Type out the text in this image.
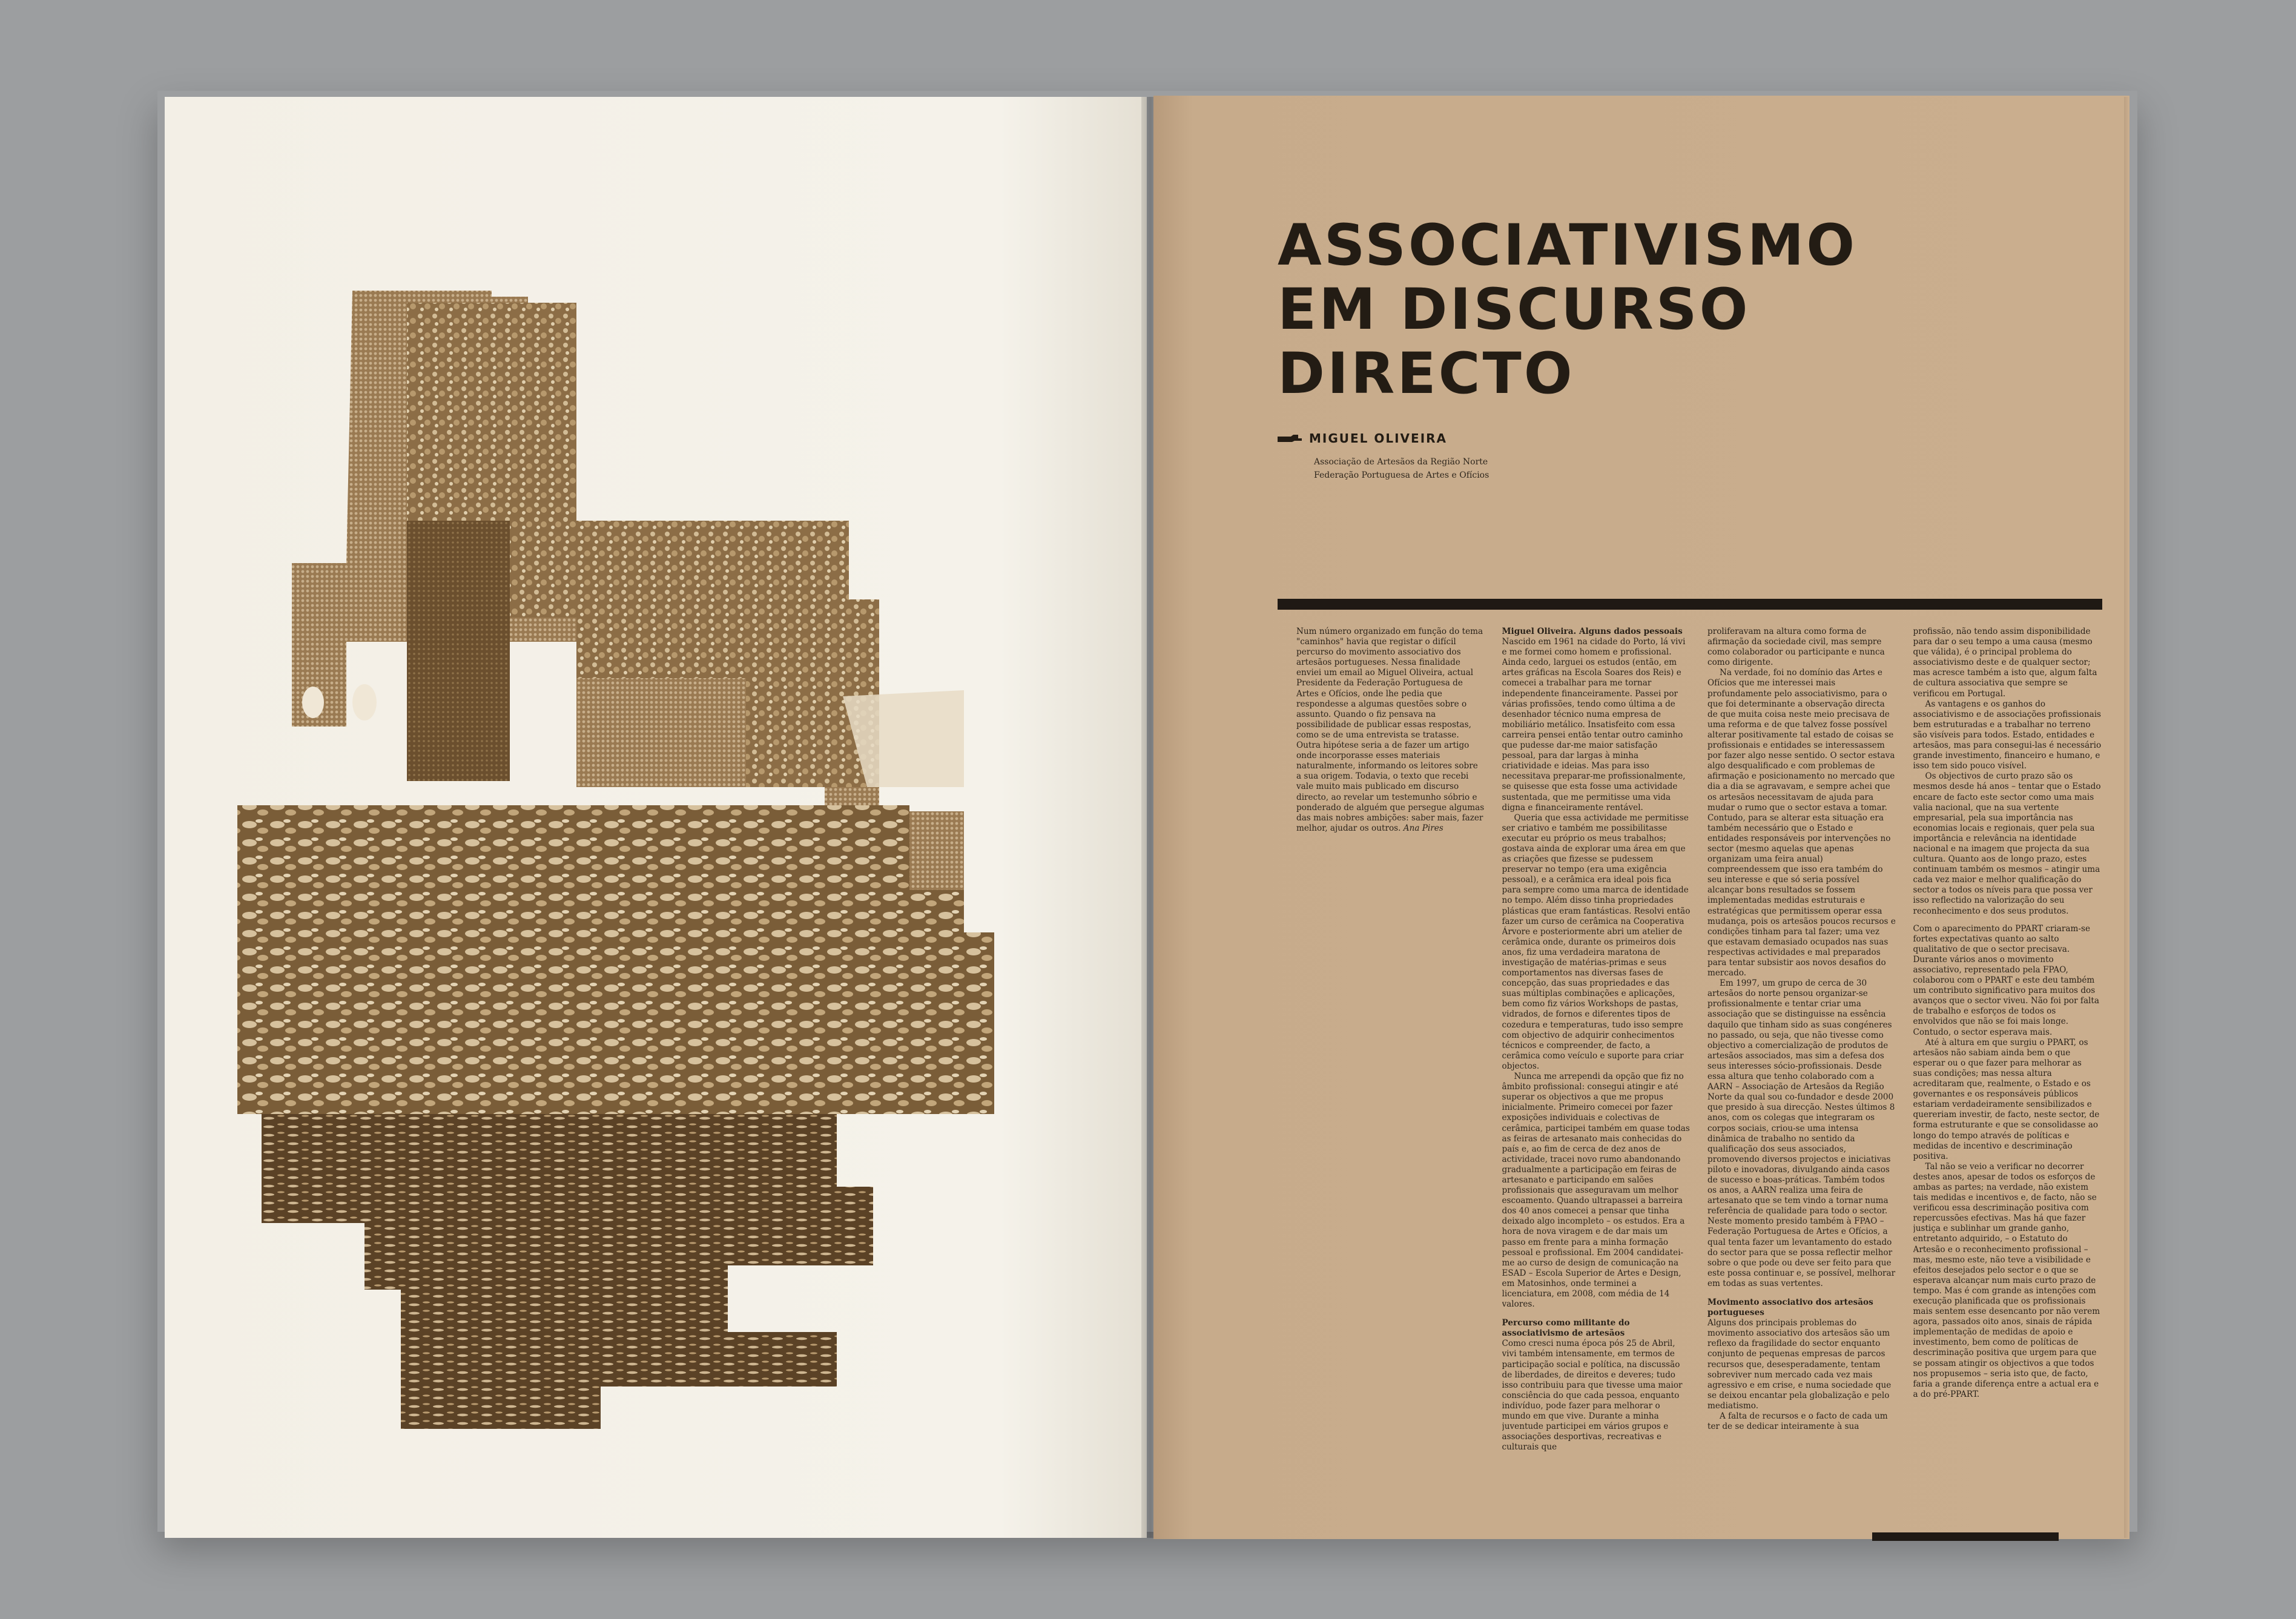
ASSOCIATIVISMO
EM DISCURSO
DIRECTO
MIGUEL OLIVEIRA
Associação de Artesãos da Região Norte
Federação Portuguesa de Artes e Ofícios

Num número organizado em função do tema "caminhos" havia que registar o difícil percurso do movimento associativo dos artesãos portugueses. Nessa finalidade enviei um email ao Miguel Oliveira, actual Presidente da Federação Portuguesa de Artes e Ofícios, onde lhe pedia que respondesse a algumas questões sobre o assunto. Quando o fiz pensava na possibilidade de publicar essas respostas, como se de uma entrevista se tratasse. Outra hipótese seria a de fazer um artigo onde incorporasse esses materiais naturalmente, informando os leitores sobre a sua origem. Todavia, o texto que recebi vale muito mais publicado em discurso directo, ao revelar um testemunho sóbrio e ponderado de alguém que persegue algumas das mais nobres ambições: saber mais, fazer melhor, ajudar os outros. Ana Pires

Miguel Oliveira. Alguns dados pessoais

Nascido em 1961 na cidade do Porto, lá vivi e me formei como homem e profissional. Ainda cedo, larguei os estudos (então, em artes gráficas na Escola Soares dos Reis) e comecei a trabalhar para me tornar independente financeiramente. Passei por várias profissões, tendo como última a de desenhador técnico numa empresa de mobiliário metálico. Insatisfeito com essa carreira pensei então tentar outro caminho que pudesse dar-me maior satisfação pessoal, para dar largas à minha criatividade e ideias. Mas para isso necessitava preparar-me profissionalmente, se quisesse que esta fosse uma actividade sustentada, que me permitisse uma vida digna e financeiramente rentável.

Queria que essa actividade me permitisse ser criativo e também me possibilitasse executar eu próprio os meus trabalhos; gostava ainda de explorar uma área em que as criações que fizesse se pudessem preservar no tempo (era uma exigência pessoal), e a cerâmica era ideal pois fica para sempre como uma marca de identidade no tempo. Além disso tinha propriedades plásticas que eram fantásticas. Resolvi então fazer um curso de cerâmica na Cooperativa Árvore e posteriormente abri um atelier de cerâmica onde, durante os primeiros dois anos, fiz uma verdadeira maratona de investigação de matérias-primas e seus comportamentos nas diversas fases de concepção, das suas propriedades e das suas múltiplas combinações e aplicações, bem como fiz vários Workshops de pastas, vidrados, de fornos e diferentes tipos de cozedura e temperaturas, tudo isso sempre com objectivo de adquirir conhecimentos técnicos e compreender, de facto, a cerâmica como veículo e suporte para criar objectos.

Nunca me arrependi da opção que fiz no âmbito profissional: consegui atingir e até superar os objectivos a que me propus inicialmente. Primeiro comecei por fazer exposições individuais e colectivas de cerâmica, participei também em quase todas as feiras de artesanato mais conhecidas do país e, ao fim de cerca de dez anos de actividade, tracei novo rumo abandonando gradualmente a participação em feiras de artesanato e participando em salões profissionais que asseguravam um melhor escoamento. Quando ultrapassei a barreira dos 40 anos comecei a pensar que tinha deixado algo incompleto – os estudos. Era a hora de nova viragem e de dar mais um passo em frente para a minha formação pessoal e profissional. Em 2004 candidatei-me ao curso de design de comunicação na ESAD – Escola Superior de Artes e Design, em Matosinhos, onde terminei a licenciatura, em 2008, com média de 14 valores.

Percurso como militante do associativismo de artesãos

Como cresci numa época pós 25 de Abril, vivi também intensamente, em termos de participação social e política, na discussão de liberdades, de direitos e deveres; tudo isso contribuiu para que tivesse uma maior consciência do que cada pessoa, enquanto indivíduo, pode fazer para melhorar o mundo em que vive. Durante a minha juventude participei em vários grupos e associações desportivas, recreativas e culturais que

proliferavam na altura como forma de afirmação da sociedade civil, mas sempre como colaborador ou participante e nunca como dirigente.

Na verdade, foi no domínio das Artes e Ofícios que me interessei mais profundamente pelo associativismo, para o que foi determinante a observação directa de que muita coisa neste meio precisava de uma reforma e de que talvez fosse possível alterar positivamente tal estado de coisas se profissionais e entidades se interessassem por fazer algo nesse sentido. O sector estava algo desqualificado e com problemas de afirmação e posicionamento no mercado que dia a dia se agravavam, e sempre achei que os artesãos necessitavam de ajuda para mudar o rumo que o sector estava a tomar. Contudo, para se alterar esta situação era também necessário que o Estado e entidades responsáveis por intervenções no sector (mesmo aquelas que apenas organizam uma feira anual) compreendessem que isso era também do seu interesse e que só seria possível alcançar bons resultados se fossem implementadas medidas estruturais e estratégicas que permitissem operar essa mudança, pois os artesãos poucos recursos e condições tinham para tal fazer; uma vez que estavam demasiado ocupados nas suas respectivas actividades e mal preparados para tentar subsistir aos novos desafios do mercado.

Em 1997, um grupo de cerca de 30 artesãos do norte pensou organizar-se profissionalmente e tentar criar uma associação que se distinguisse na essência daquilo que tinham sido as suas congéneres no passado, ou seja, que não tivesse como objectivo a comercialização de produtos de artesãos associados, mas sim a defesa dos seus interesses sócio-profissionais. Desde essa altura que tenho colaborado com a AARN – Associação de Artesãos da Região Norte da qual sou co-fundador e desde 2000 que presido à sua direcção. Nestes últimos 8 anos, com os colegas que integraram os corpos sociais, criou-se uma intensa dinâmica de trabalho no sentido da qualificação dos seus associados, promovendo diversos projectos e iniciativas piloto e inovadoras, divulgando ainda casos de sucesso e boas-práticas. Também todos os anos, a AARN realiza uma feira de artesanato que se tem vindo a tornar numa referência de qualidade para todo o sector. Neste momento presido também à FPAO – Federação Portuguesa de Artes e Ofícios, a qual tenta fazer um levantamento do estado do sector para que se possa reflectir melhor sobre o que pode ou deve ser feito para que este possa continuar e, se possível, melhorar em todas as suas vertentes.

Movimento associativo dos artesãos portugueses

Alguns dos principais problemas do movimento associativo dos artesãos são um reflexo da fragilidade do sector enquanto conjunto de pequenas empresas de parcos recursos que, desesperadamente, tentam sobreviver num mercado cada vez mais agressivo e em crise, e numa sociedade que se deixou encantar pela globalização e pelo mediatismo.

A falta de recursos e o facto de cada um ter de se dedicar inteiramente à sua

profissão, não tendo assim disponibilidade para dar o seu tempo a uma causa (mesmo que válida), é o principal problema do associativismo deste e de qualquer sector; mas acresce também a isto que, algum falta de cultura associativa que sempre se verificou em Portugal.

As vantagens e os ganhos do associativismo e de associações profissionais bem estruturadas e a trabalhar no terreno são visíveis para todos. Estado, entidades e artesãos, mas para consegui-las é necessário grande investimento, financeiro e humano, e isso tem sido pouco visível.

Os objectivos de curto prazo são os mesmos desde há anos – tentar que o Estado encare de facto este sector como uma mais valia nacional, que na sua vertente empresarial, pela sua importância nas economias locais e regionais, quer pela sua importância e relevância na identidade nacional e na imagem que projecta da sua cultura. Quanto aos de longo prazo, estes continuam também os mesmos – atingir uma cada vez maior e melhor qualificação do sector a todos os níveis para que possa ver isso reflectido na valorização do seu reconhecimento e dos seus produtos.

Com o aparecimento do PPART criaram-se fortes expectativas quanto ao salto qualitativo de que o sector precisava. Durante vários anos o movimento associativo, representado pela FPAO, colaborou com o PPART e este deu também um contributo significativo para muitos dos avanços que o sector viveu. Não foi por falta de trabalho e esforços de todos os envolvidos que não se foi mais longe. Contudo, o sector esperava mais.

Até à altura em que surgiu o PPART, os artesãos não sabiam ainda bem o que esperar ou o que fazer para melhorar as suas condições; mas nessa altura acreditaram que, realmente, o Estado e os governantes e os responsáveis públicos estariam verdadeiramente sensibilizados e quereriam investir, de facto, neste sector, de forma estruturante e que se consolidasse ao longo do tempo através de políticas e medidas de incentivo e descriminação positiva.

Tal não se veio a verificar no decorrer destes anos, apesar de todos os esforços de ambas as partes; na verdade, não existem tais medidas e incentivos e, de facto, não se verificou essa descriminação positiva com repercussões efectivas. Mas há que fazer justiça e sublinhar um grande ganho, entretanto adquirido, – o Estatuto do Artesão e o reconhecimento profissional – mas, mesmo este, não teve a visibilidade e efeitos desejados pelo sector e o que se esperava alcançar num mais curto prazo de tempo. Mas é com grande as intenções com execução planificada que os profissionais mais sentem esse desencanto por não verem agora, passados oito anos, sinais de rápida implementação de medidas de apoio e investimento, bem como de políticas de descriminação positiva que urgem para que se possam atingir os objectivos a que todos nos propusemos – seria isto que, de facto, faria a grande diferença entre a actual era e a do pré-PPART.
